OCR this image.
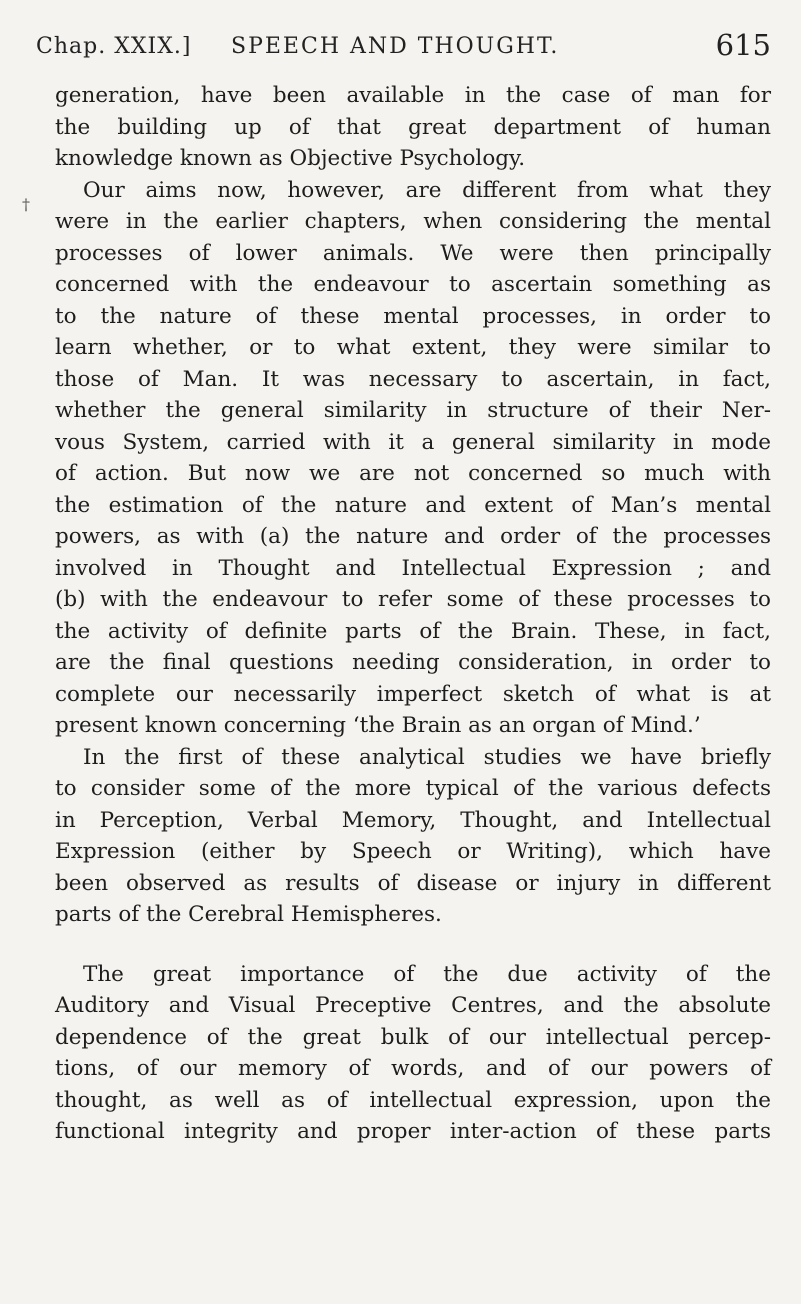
Chap. XXIX.] SPEECH AND THOUGHT.	615
†
generation, have been available in the case of man for
the building up of that great department of human
knowledge known as Objective Psychology.
Our aims now, however, are different from what they
were in the earlier chapters, when considering the mental
processes of lower animals. We were then principally
concerned with the endeavour to ascertain something as
to the nature of these mental processes, in order to
learn whether, or to what extent, they were similar to
those of Man. It was necessary to ascertain, in fact,
whether the general similarity in structure of their Ner-
vous System, carried with it a general similarity in mode
of action. But now we are not concerned so much with
the estimation of the nature and extent of Man’s mental
powers, as with (a) the nature and order of the processes
involved in Thought and Intellectual Expression ; and
(b) with the endeavour to refer some of these processes to
the activity of definite parts of the Brain. These, in fact,
are the final questions needing consideration, in order to
complete our necessarily imperfect sketch of what is at
present known concerning ‘the Brain as an organ of Mind.’
In the first of these analytical studies we have briefly
to consider some of the more typical of the various defects
in Perception, Verbal Memory, Thought, and Intellectual
Expression (either by Speech or Writing), which have
been observed as results of disease or injury in different
parts of the Cerebral Hemispheres.
The great importance of the due activity of the
Auditory and Visual Preceptive Centres, and the absolute
dependence of the great bulk of our intellectual percep-
tions, of our memory of words, and of our powers of
thought, as well as of intellectual expression, upon the
functional integrity and proper inter-action of these parts
